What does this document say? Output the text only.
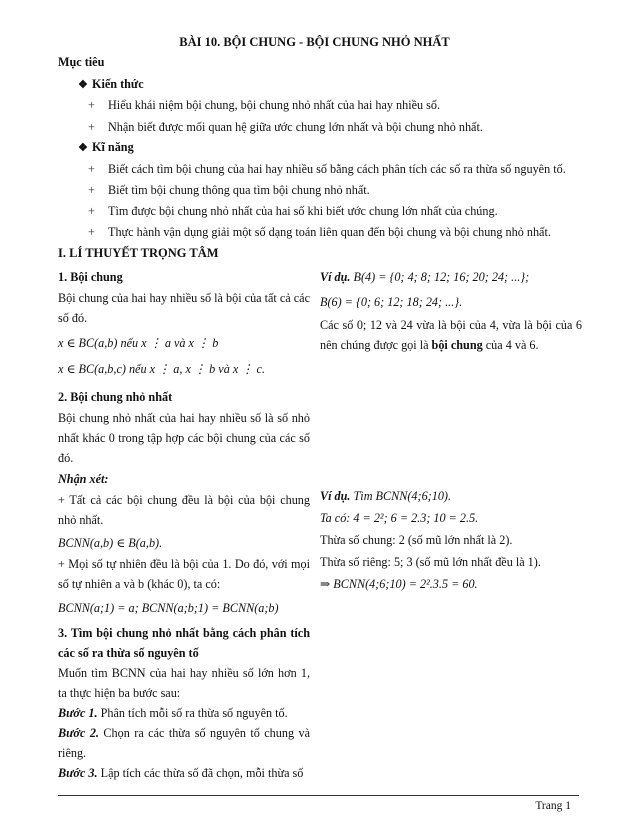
BÀI 10. BỘI CHUNG - BỘI CHUNG NHỎ NHẤT
Mục tiêu
❖ Kiến thức
+ Hiểu khái niệm bội chung, bội chung nhỏ nhất của hai hay nhiều số.
+ Nhận biết được mối quan hệ giữa ước chung lớn nhất và bội chung nhỏ nhất.
❖ Kĩ năng
+ Biết cách tìm bội chung của hai hay nhiều số bằng cách phân tích các số ra thừa số nguyên tố.
+ Biết tìm bội chung thông qua tìm bội chung nhỏ nhất.
+ Tìm được bội chung nhỏ nhất của hai số khi biết ước chung lớn nhất của chúng.
+ Thực hành vận dụng giải một số dạng toán liên quan đến bội chung và bội chung nhỏ nhất.
I. LÍ THUYẾT TRỌNG TÂM
1. Bội chung
Bội chung của hai hay nhiều số là bội của tất cả các số đó.
x ∈ BC(a,b) nếu x ⋮ a và x ⋮ b
x ∈ BC(a,b,c) nếu x ⋮ a, x ⋮ b và x ⋮ c.
2. Bội chung nhỏ nhất
Bội chung nhỏ nhất của hai hay nhiều số là số nhỏ nhất khác 0 trong tập hợp các bội chung của các số đó.
Nhận xét:
+ Tất cả các bội chung đều là bội của bội chung nhỏ nhất.
BCNN(a,b) ∈ B(a,b).
+ Mọi số tự nhiên đều là bội của 1. Do đó, với mọi số tự nhiên a và b (khác 0), ta có:
BCNN(a;1) = a; BCNN(a;b;1) = BCNN(a;b)
3. Tìm bội chung nhỏ nhất bằng cách phân tích các số ra thừa số nguyên tố
Muốn tìm BCNN của hai hay nhiều số lớn hơn 1, ta thực hiện ba bước sau:
Bước 1. Phân tích mỗi số ra thừa số nguyên tố.
Bước 2. Chọn ra các thừa số nguyên tố chung và riêng.
Bước 3. Lập tích các thừa số đã chọn, mỗi thừa số
Ví dụ. B(4) = {0; 4; 8; 12; 16; 20; 24; ...};
B(6) = {0; 6; 12; 18; 24; ...}.
Các số 0; 12 và 24 vừa là bội của 4, vừa là bội của 6 nên chúng được gọi là bội chung của 4 và 6.
Ví dụ. Tìm BCNN(4;6;10).
Ta có: 4 = 2²; 6 = 2.3; 10 = 2.5.
Thừa số chung: 2 (số mũ lớn nhất là 2).
Thừa số riêng: 5; 3 (số mũ lớn nhất đều là 1).
⇒ BCNN(4;6;10) = 2².3.5 = 60.
Trang 1
